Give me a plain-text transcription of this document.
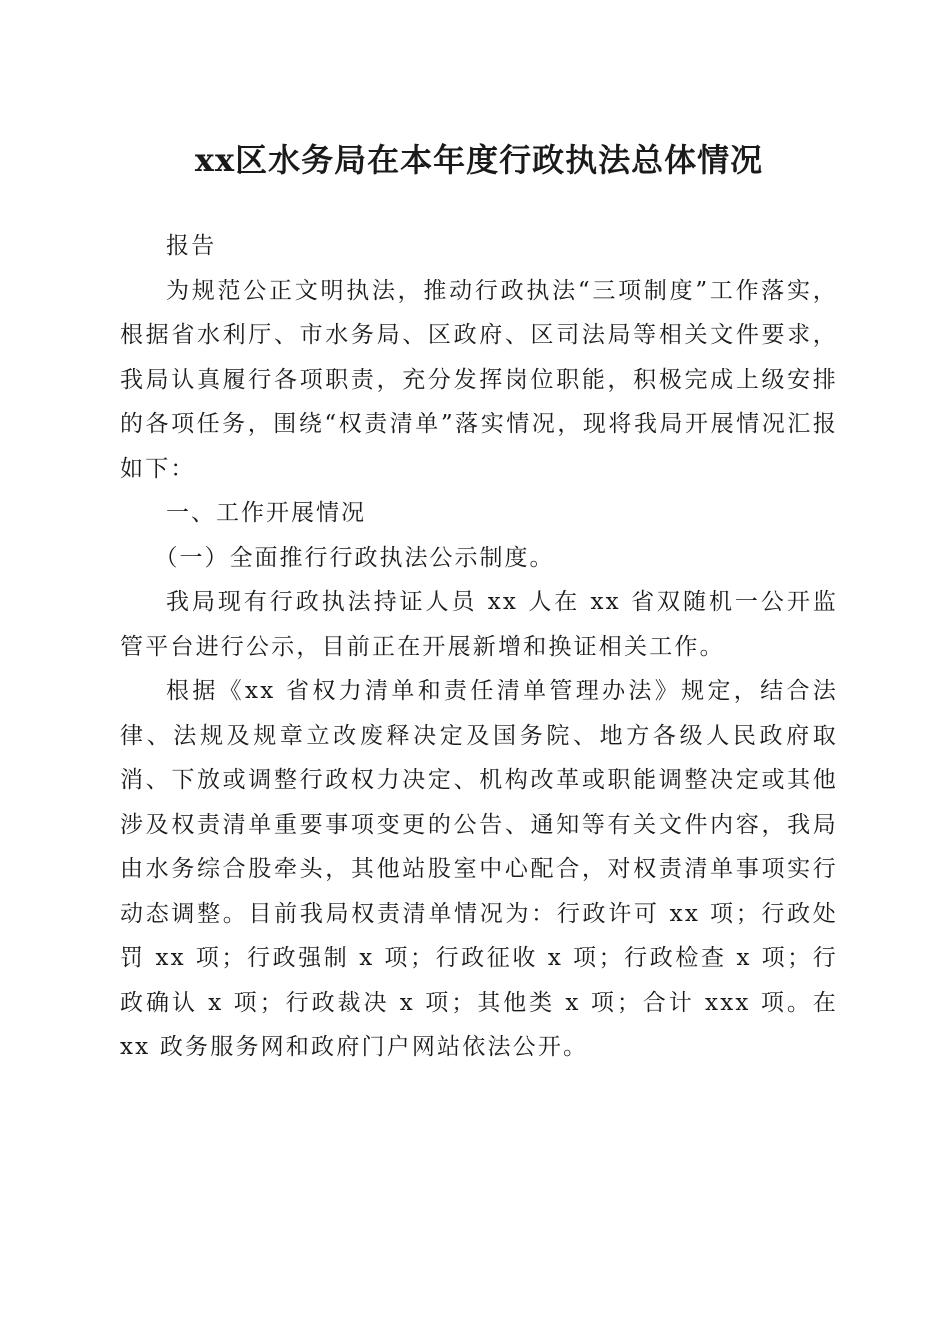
xx区水务局在本年度行政执法总体情况

报告

为规范公正文明执法，推动行政执法“三项制度”工作落实，根据省水利厅、市水务局、区政府、区司法局等相关文件要求，我局认真履行各项职责，充分发挥岗位职能，积极完成上级安排的各项任务，围绕“权责清单”落实情况，现将我局开展情况汇报如下：

一、工作开展情况

（一）全面推行行政执法公示制度。

我局现有行政执法持证人员 xx 人在 xx 省双随机一公开监管平台进行公示，目前正在开展新增和换证相关工作。

根据《xx 省权力清单和责任清单管理办法》规定，结合法律、法规及规章立改废释决定及国务院、地方各级人民政府取消、下放或调整行政权力决定、机构改革或职能调整决定或其他涉及权责清单重要事项变更的公告、通知等有关文件内容，我局由水务综合股牵头，其他站股室中心配合，对权责清单事项实行动态调整。目前我局权责清单情况为：行政许可 xx 项；行政处罚 xx 项；行政强制 x 项；行政征收 x 项；行政检查 x 项；行政确认 x 项；行政裁决 x 项；其他类 x 项；合计 xxx 项。在 xx 政务服务网和政府门户网站依法公开。
